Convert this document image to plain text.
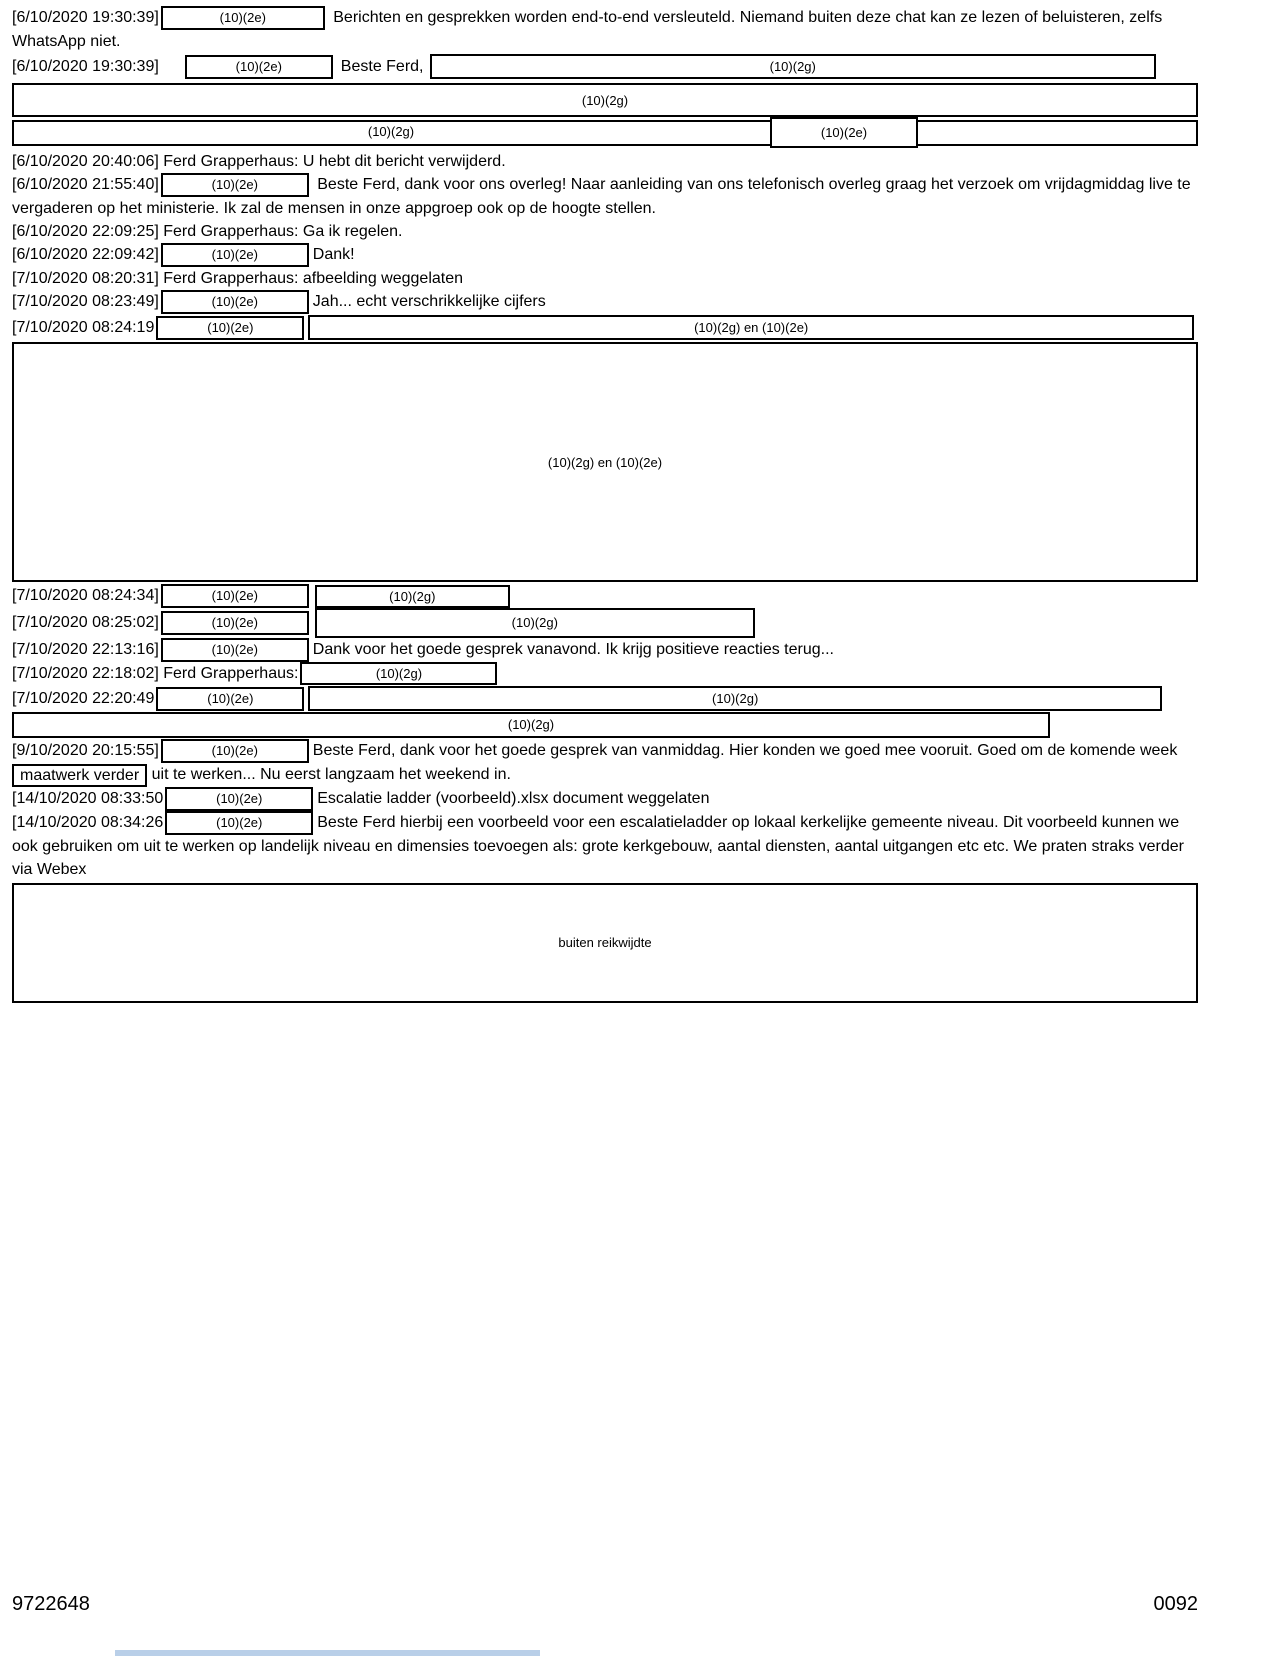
[6/10/2020 19:30:39]	(10)(2e)	Berichten en gesprekken worden end-to-end versleuteld. Niemand buiten deze chat kan ze lezen of beluisteren, zelfs WhatsApp niet.
[6/10/2020 19:30:39]	(10)(2e)	Beste Ferd,	(10)(2g)
(10)(2g)
(10)(2g)	(10)(2e)
[6/10/2020 20:40:06] Ferd Grapperhaus: U hebt dit bericht verwijderd.
[6/10/2020 21:55:40]	(10)(2e)	Beste Ferd, dank voor ons overleg! Naar aanleiding van ons telefonisch overleg graag het verzoek om vrijdagmiddag live te vergaderen op het ministerie. Ik zal de mensen in onze appgroep ook op de hoogte stellen.
[6/10/2020 22:09:25] Ferd Grapperhaus: Ga ik regelen.
[6/10/2020 22:09:42]	(10)(2e)	Dank!
[7/10/2020 08:20:31] Ferd Grapperhaus: afbeelding weggelaten
[7/10/2020 08:23:49]	(10)(2e)	Jah... echt verschrikkelijke cijfers
[7/10/2020 08:24:19	(10)(2e)	(10)(2g) en (10)(2e)
(10)(2g) en (10)(2e)
[7/10/2020 08:24:34]	(10)(2e)	(10)(2g)
[7/10/2020 08:25:02]	(10)(2e)	(10)(2g)
[7/10/2020 22:13:16]	(10)(2e)	Dank voor het goede gesprek vanavond. Ik krijg positieve reacties terug...
[7/10/2020 22:18:02] Ferd Grapperhaus:	(10)(2g)
[7/10/2020 22:20:49	(10)(2e)	(10)(2g)
(10)(2g)
[9/10/2020 20:15:55]	(10)(2e)	Beste Ferd, dank voor het goede gesprek van vanmiddag. Hier konden we goed mee vooruit. Goed om de komende week maatwerk verder uit te werken... Nu eerst langzaam het weekend in.
[14/10/2020 08:33:50	(10)(2e)	Escalatie ladder (voorbeeld).xlsx document weggelaten
[14/10/2020 08:34:26	(10)(2e)	Beste Ferd hierbij een voorbeeld voor een escalatieladder op lokaal kerkelijke gemeente niveau. Dit voorbeeld kunnen we ook gebruiken om uit te werken op landelijk niveau en dimensies toevoegen als: grote kerkgebouw, aantal diensten, aantal uitgangen etc etc. We praten straks verder via Webex
buiten reikwijdte
9722648	0092
